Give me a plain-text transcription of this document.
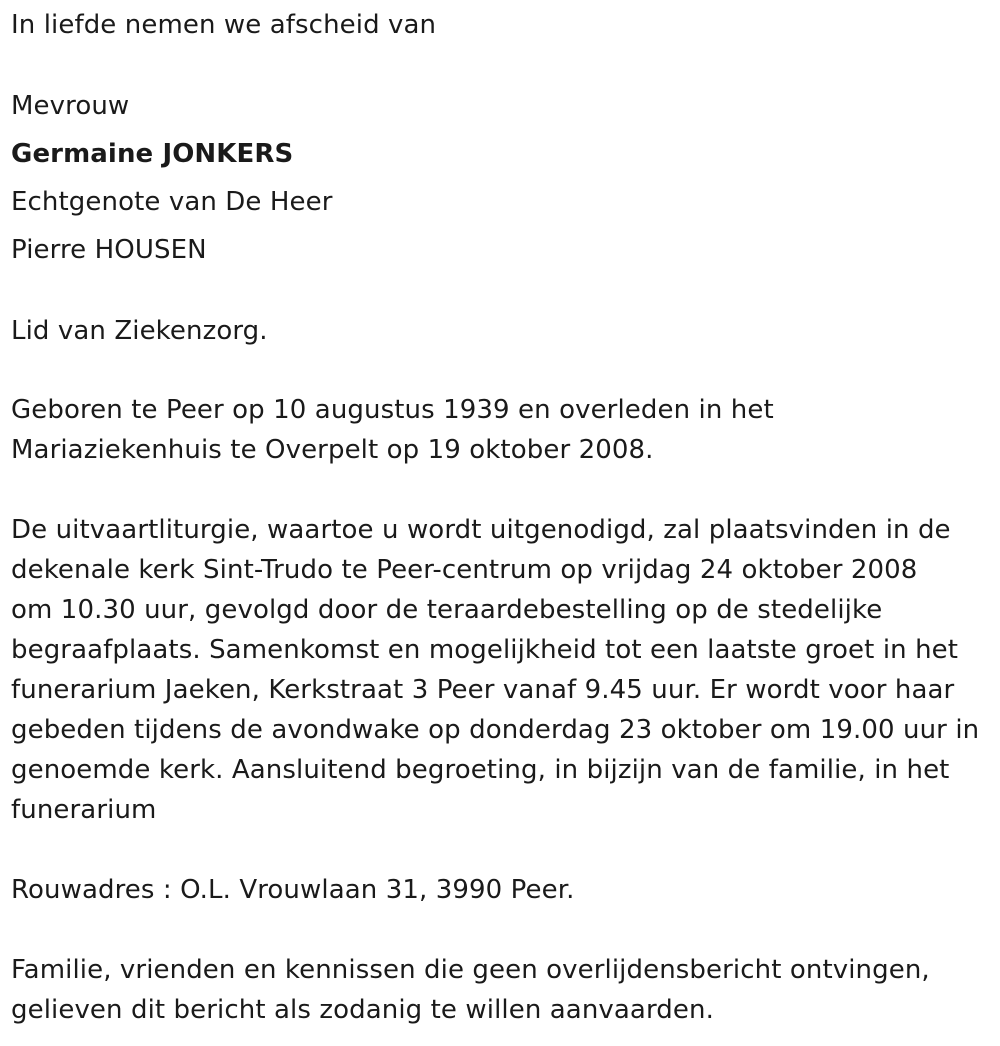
In liefde nemen we afscheid van
Mevrouw
Germaine JONKERS
Echtgenote van De Heer
Pierre HOUSEN
Lid van Ziekenzorg.
Geboren te Peer op 10 augustus 1939 en overleden in het
Mariaziekenhuis te Overpelt op 19 oktober 2008.
De uitvaartliturgie, waartoe u wordt uitgenodigd, zal plaatsvinden in de
dekenale kerk Sint-Trudo te Peer-centrum op vrijdag 24 oktober 2008
om 10.30 uur, gevolgd door de teraardebestelling op de stedelijke
begraafplaats. Samenkomst en mogelijkheid tot een laatste groet in het
funerarium Jaeken, Kerkstraat 3 Peer vanaf 9.45 uur. Er wordt voor haar
gebeden tijdens de avondwake op donderdag 23 oktober om 19.00 uur in
genoemde kerk. Aansluitend begroeting, in bijzijn van de familie, in het
funerarium
Rouwadres : O.L. Vrouwlaan 31, 3990 Peer.
Familie, vrienden en kennissen die geen overlijdensbericht ontvingen,
gelieven dit bericht als zodanig te willen aanvaarden.
